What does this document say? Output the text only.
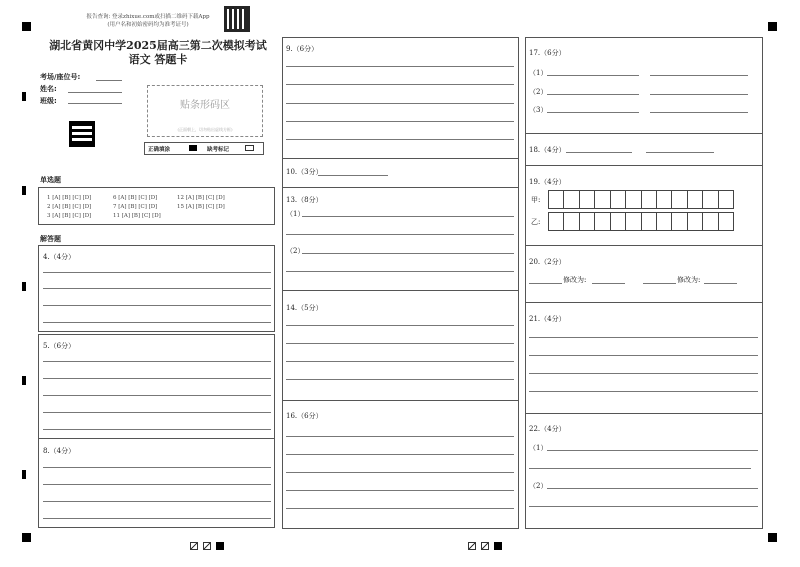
报告查询: 登录zhixue.com或扫描二维码下载App
(用户名和初始密码均为准考证号)
湖北省黄冈中学2025届高三第二次模拟考试
语文 答题卡
考场/座位号:
姓名:
班级:	贴条形码区
(正面朝上，切勿贴出虚线方框)
正确填涂	缺考标记
单选题
1 [A] [B] [C] [D]	6 [A] [B] [C] [D]	12 [A] [B] [C] [D]
2 [A] [B] [C] [D]	7 [A] [B] [C] [D]	15 [A] [B] [C] [D]
3 [A] [B] [C] [D]	11 [A] [B] [C] [D]
解答题
4.（4分）
5.（6分）
8.（4分）
9.（6分）
10.（3分）
13.（8分）
（1）
（2）
14.（5分）
16.（6分）
17.（6分）
（1）
（2）
（3）
18.（4分）
19.（4分）
甲:
乙:
20.（2分）
修改为:	修改为:
21.（4分）
22.（4分）
（1）
（2）
